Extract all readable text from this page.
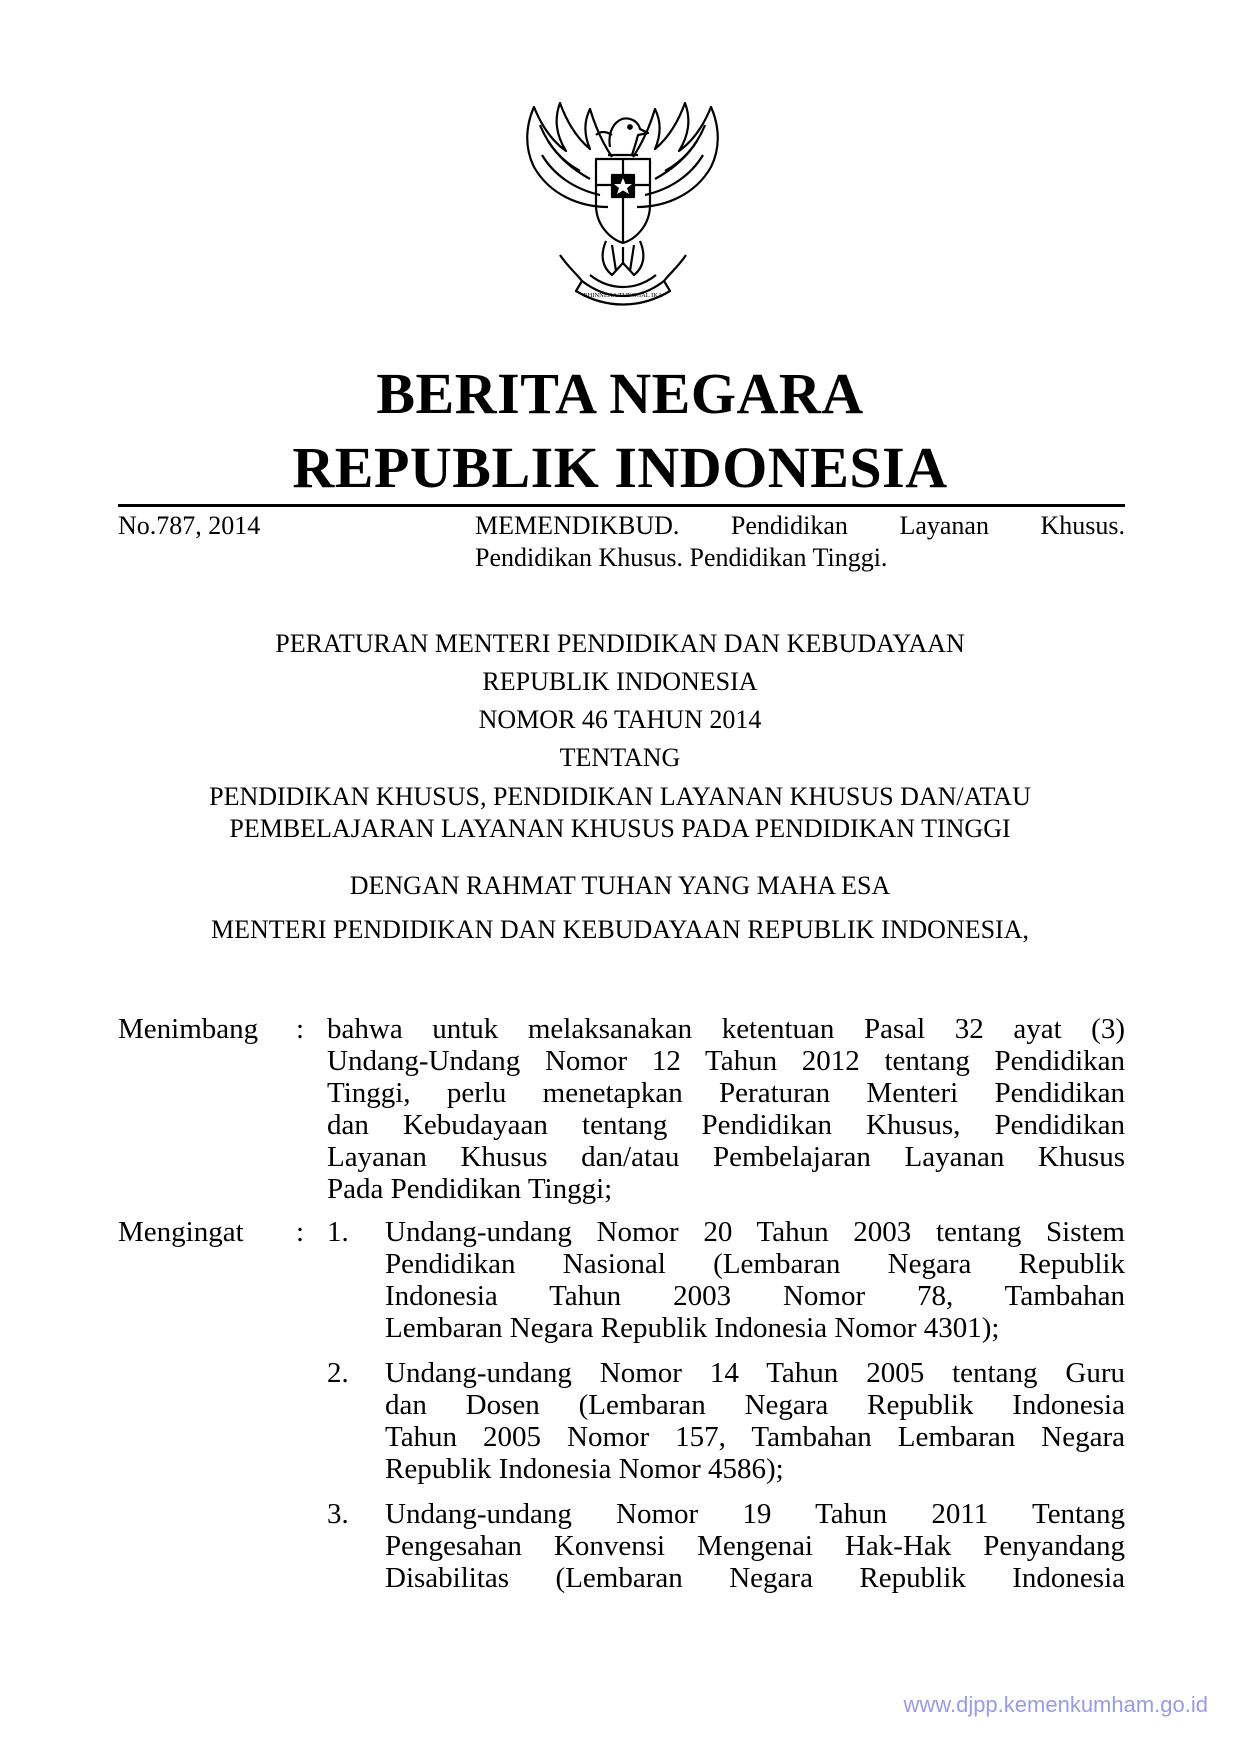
BHINNEKA TUNGGAL IKA
BERITA NEGARA
REPUBLIK INDONESIA
No.787, 2014	MEMENDIKBUD. Pendidikan Layanan Khusus.
Pendidikan Khusus. Pendidikan Tinggi.
PERATURAN MENTERI PENDIDIKAN DAN KEBUDAYAAN
REPUBLIK INDONESIA
NOMOR 46 TAHUN 2014
TENTANG
PENDIDIKAN KHUSUS, PENDIDIKAN LAYANAN KHUSUS DAN/ATAU
PEMBELAJARAN LAYANAN KHUSUS PADA PENDIDIKAN TINGGI
DENGAN RAHMAT TUHAN YANG MAHA ESA
MENTERI PENDIDIKAN DAN KEBUDAYAAN REPUBLIK INDONESIA,
Menimbang : bahwa untuk melaksanakan ketentuan Pasal 32 ayat (3)
Undang-Undang Nomor 12 Tahun 2012 tentang Pendidikan
Tinggi, perlu menetapkan Peraturan Menteri Pendidikan
dan Kebudayaan tentang Pendidikan Khusus, Pendidikan
Layanan Khusus dan/atau Pembelajaran Layanan Khusus
Pada Pendidikan Tinggi;
Mengingat : 1. Undang-undang Nomor 20 Tahun 2003 tentang Sistem
Pendidikan Nasional (Lembaran Negara Republik
Indonesia Tahun 2003 Nomor 78, Tambahan
Lembaran Negara Republik Indonesia Nomor 4301);
2. Undang-undang Nomor 14 Tahun 2005 tentang Guru
dan Dosen (Lembaran Negara Republik Indonesia
Tahun 2005 Nomor 157, Tambahan Lembaran Negara
Republik Indonesia Nomor 4586);
3. Undang-undang Nomor 19 Tahun 2011 Tentang
Pengesahan Konvensi Mengenai Hak-Hak Penyandang
Disabilitas (Lembaran Negara Republik Indonesia
www.djpp.kemenkumham.go.id
